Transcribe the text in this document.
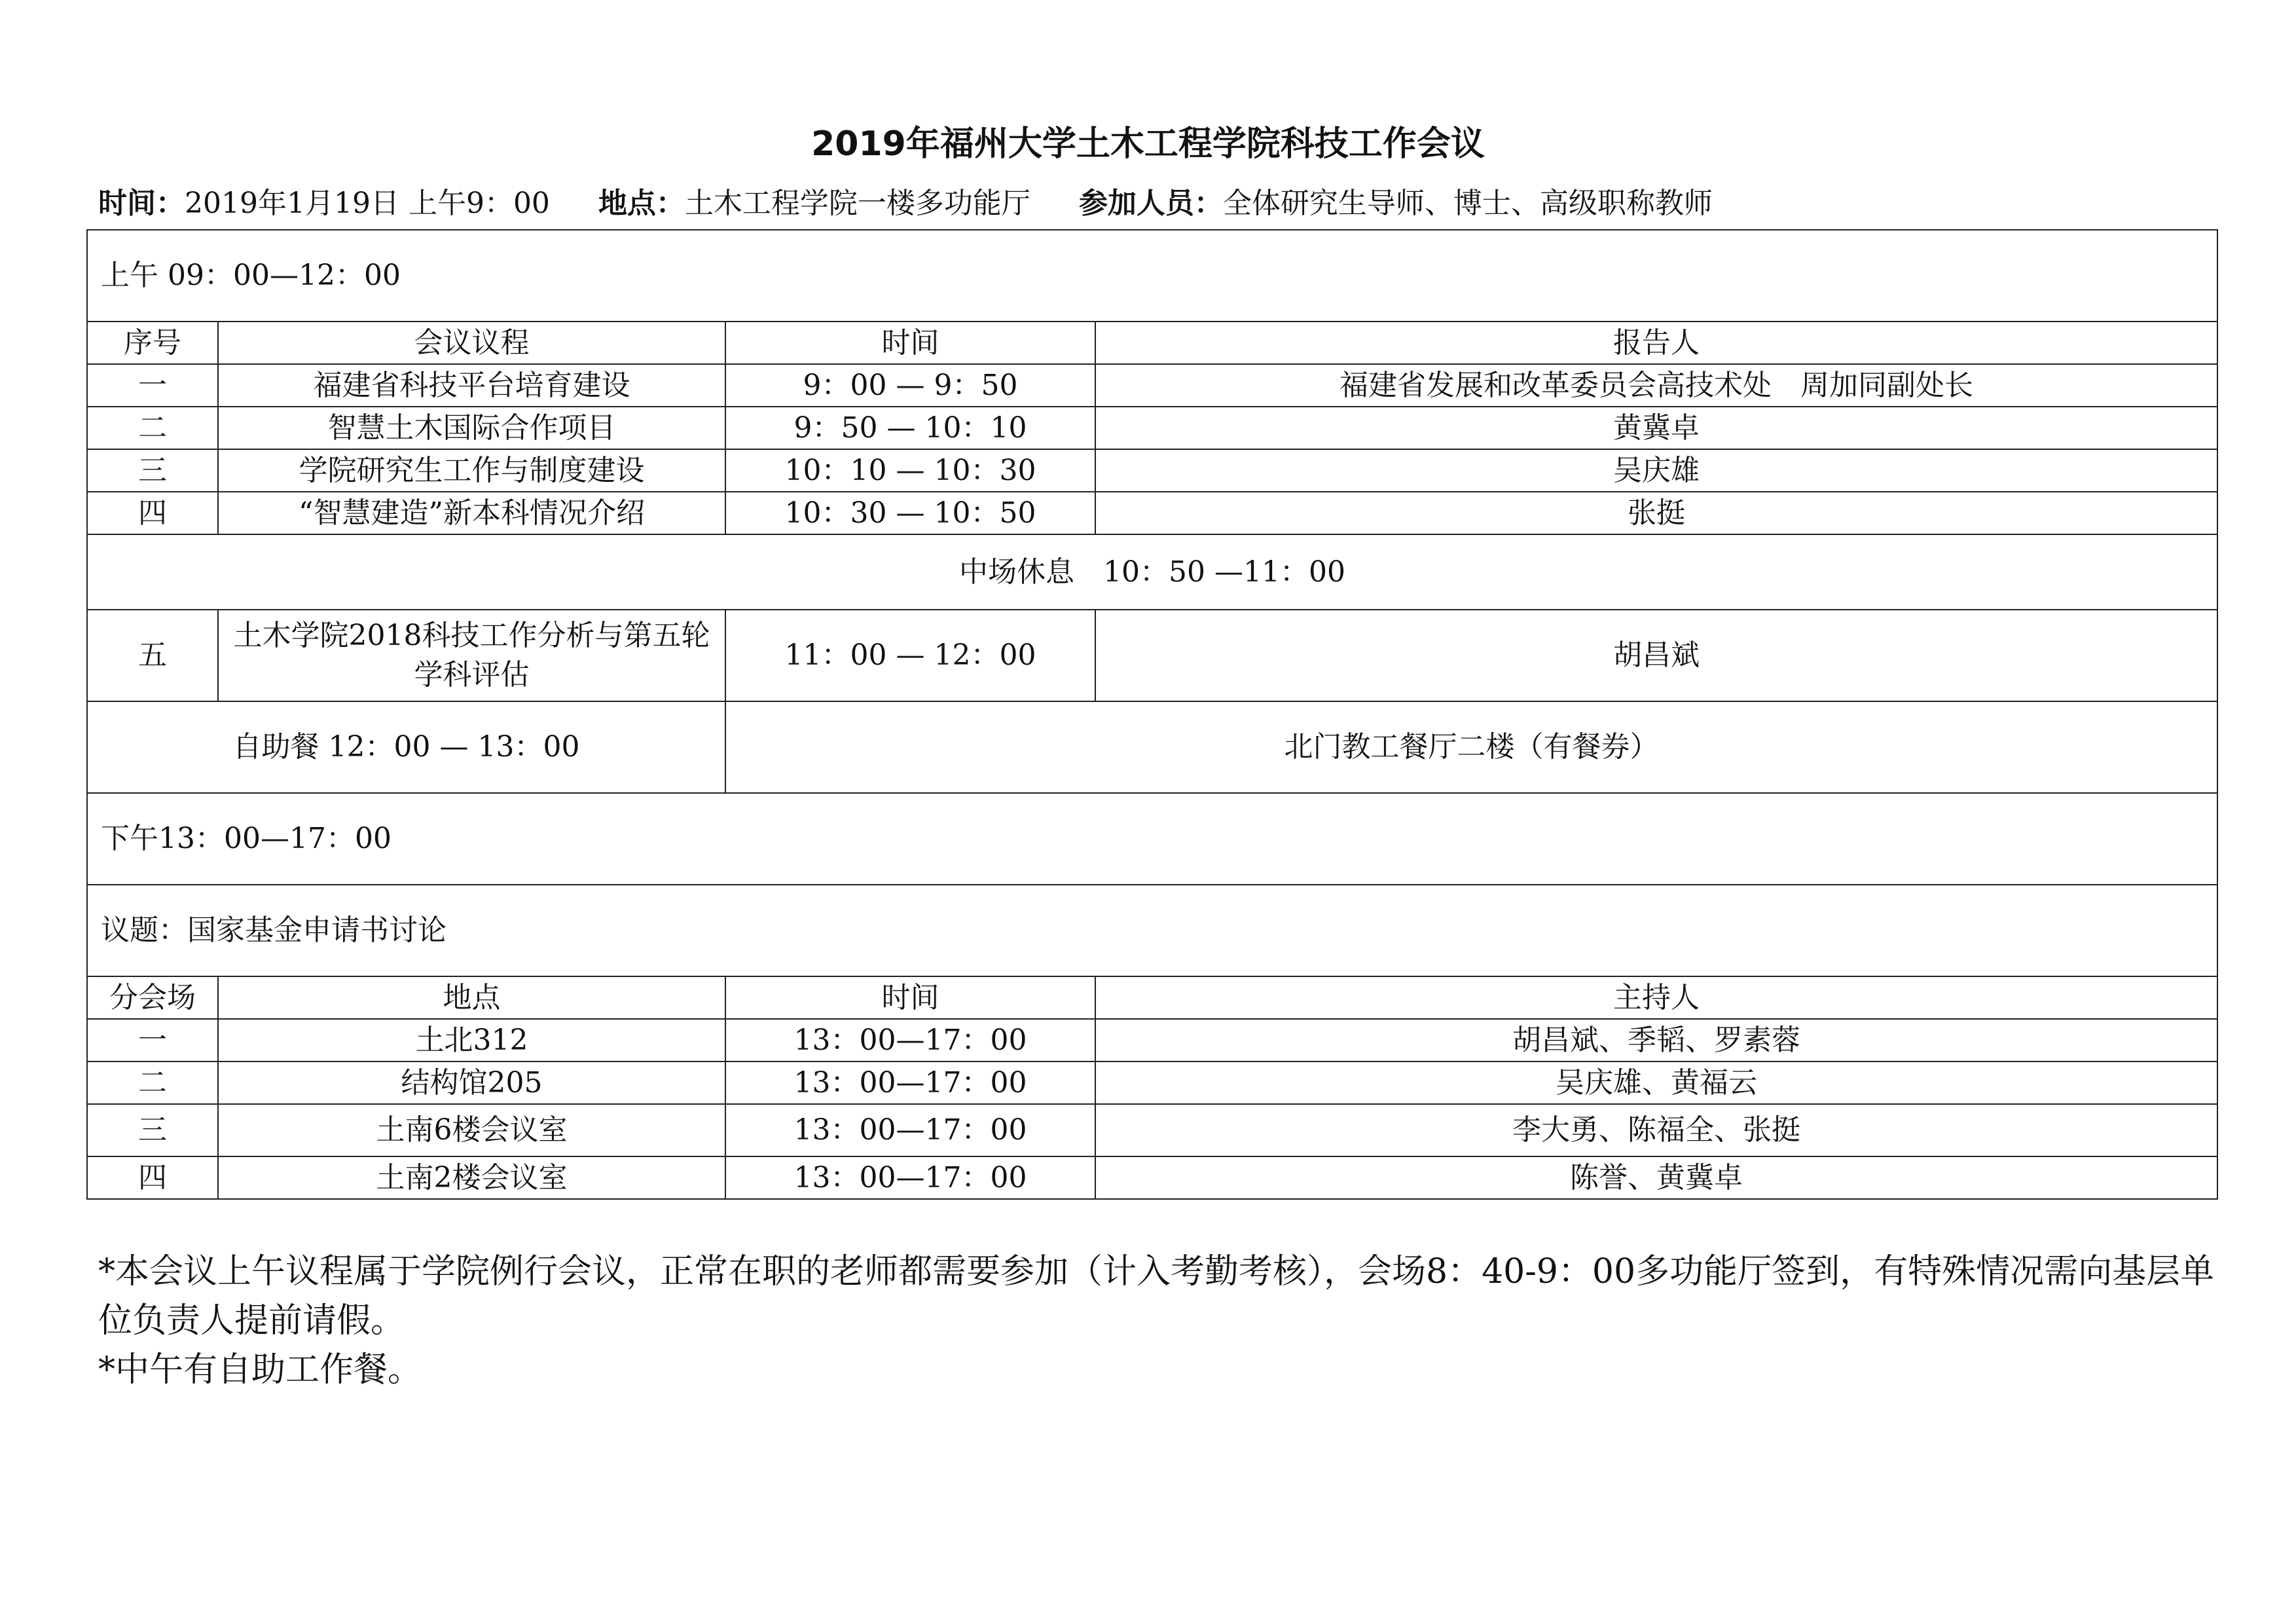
2019年福州大学土木工程学院科技工作会议
时间：2019年1月19日 上午9：00 地点：土木工程学院一楼多功能厅 参加人员：全体研究生导师、博士、高级职称教师
上午 09：00—12：00			
序号	会议议程	时间	报告人
一	福建省科技平台培育建设	9：00 — 9：50	福建省发展和改革委员会高技术处　周加同副处长
二	智慧土木国际合作项目	9：50 — 10：10	黄冀卓
三	学院研究生工作与制度建设	10：10 — 10：30	吴庆雄
四	“智慧建造”新本科情况介绍	10：30 — 10：50	张挺
中场休息　10：50 —11：00			
五	土木学院2018科技工作分析与第五轮学科评估	11：00 — 12：00	胡昌斌
自助餐 12：00 — 13：00		北门教工餐厅二楼（有餐券）	
下午13：00—17：00			
议题：国家基金申请书讨论			
分会场	地点	时间	主持人
一	土北312	13：00—17：00	胡昌斌、季韬、罗素蓉
二	结构馆205	13：00—17：00	吴庆雄、黄福云
三	土南6楼会议室	13：00—17：00	李大勇、陈福全、张挺
四	土南2楼会议室	13：00—17：00	陈誉、黄冀卓

*本会议上午议程属于学院例行会议，正常在职的老师都需要参加（计入考勤考核），会场8：40-9：00多功能厅签到，有特殊情况需向基层单位负责人提前请假。

*中午有自助工作餐。
